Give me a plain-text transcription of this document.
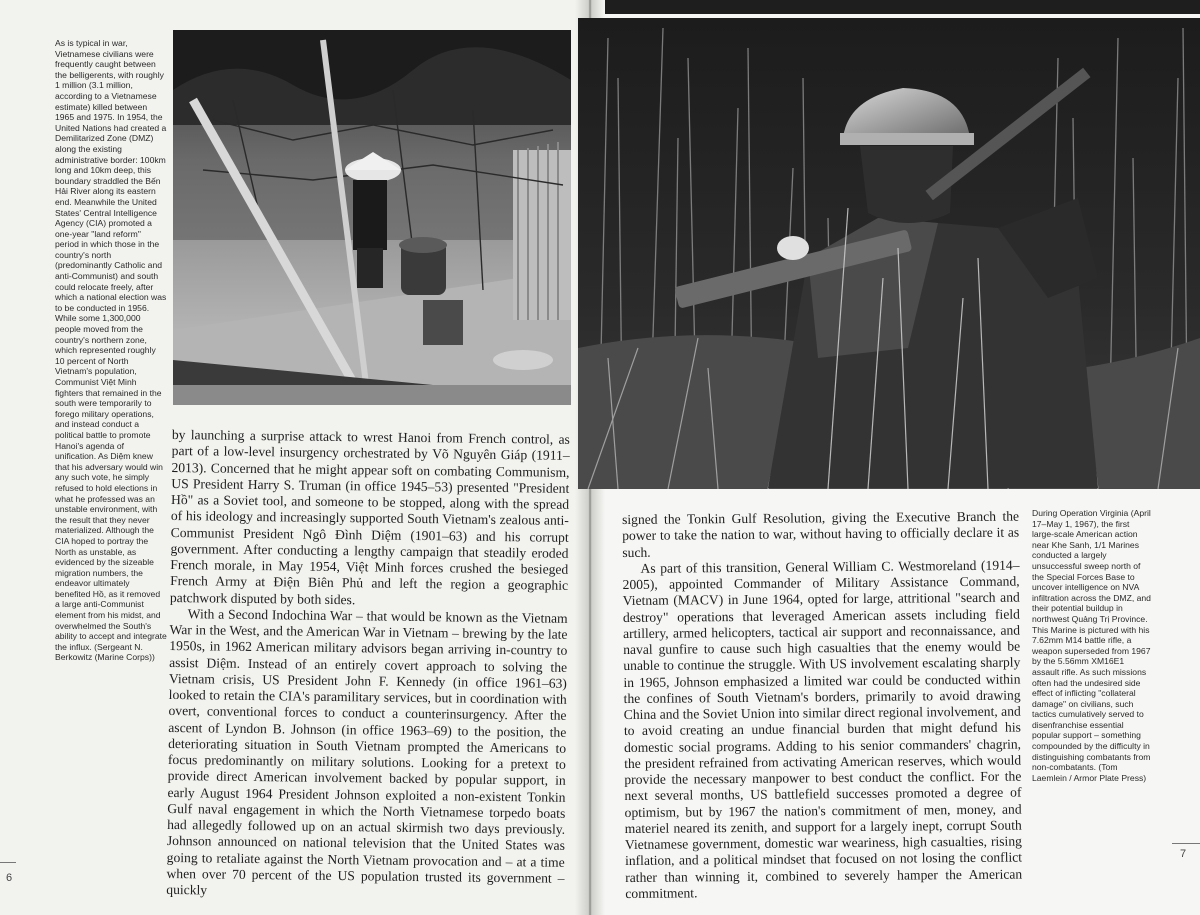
As is typical in war, Vietnamese civilians were frequently caught between the belligerents, with roughly 1 million (3.1 million, according to a Vietnamese estimate) killed between 1965 and 1975. In 1954, the United Nations had created a Demilitarized Zone (DMZ) along the existing administrative border: 100km long and 10km deep, this boundary straddled the Bến Hải River along its eastern end. Meanwhile the United States' Central Intelligence Agency (CIA) promoted a one-year "land reform" period in which those in the country's north (predominantly Catholic and anti-Communist) and south could relocate freely, after which a national election was to be conducted in 1956. While some 1,300,000 people moved from the country's northern zone, which represented roughly 10 percent of North Vietnam's population, Communist Việt Minh fighters that remained in the south were temporarily to forego military operations, and instead conduct a political battle to promote Hanoi's agenda of unification. As Diệm knew that his adversary would win any such vote, he simply refused to hold elections in what he professed was an unstable environment, with the result that they never materialized. Although the CIA hoped to portray the North as unstable, as evidenced by the sizeable migration numbers, the endeavor ultimately benefited Hồ, as it removed a large anti-Communist element from his midst, and overwhelmed the South's ability to accept and integrate the influx. (Sergeant N. Berkowitz (Marine Corps))

by launching a surprise attack to wrest Hanoi from French control, as part of a low-level insurgency orchestrated by Võ Nguyên Giáp (1911–2013). Concerned that he might appear soft on combating Communism, US President Harry S. Truman (in office 1945–53) presented "President Hồ" as a Soviet tool, and someone to be stopped, along with the spread of his ideology and increasingly supported South Vietnam's zealous anti-Communist President Ngô Đình Diệm (1901–63) and his corrupt government. After conducting a lengthy campaign that steadily eroded French morale, in May 1954, Việt Minh forces crushed the besieged French Army at Điện Biên Phủ and left the region a geographic patchwork disputed by both sides.

With a Second Indochina War – that would be known as the Vietnam War in the West, and the American War in Vietnam – brewing by the late 1950s, in 1962 American military advisors began arriving in-country to assist Diệm. Instead of an entirely covert approach to solving the Vietnam crisis, US President John F. Kennedy (in office 1961–63) looked to retain the CIA's paramilitary services, but in coordination with overt, conventional forces to conduct a counterinsurgency. After the ascent of Lyndon B. Johnson (in office 1963–69) to the position, the deteriorating situation in South Vietnam prompted the Americans to focus predominantly on military solutions. Looking for a pretext to provide direct American involvement backed by popular support, in early August 1964 President Johnson exploited a non-existent Tonkin Gulf naval engagement in which the North Vietnamese torpedo boats had allegedly followed up on an actual skirmish two days previously. Johnson announced on national television that the United States was going to retaliate against the North Vietnam provocation and – at a time when over 70 percent of the US population trusted its government – quickly

signed the Tonkin Gulf Resolution, giving the Executive Branch the power to take the nation to war, without having to officially declare it as such.

As part of this transition, General William C. Westmoreland (1914–2005), appointed Commander of Military Assistance Command, Vietnam (MACV) in June 1964, opted for large, attritional "search and destroy" operations that leveraged American assets including field artillery, armed helicopters, tactical air support and reconnaissance, and naval gunfire to cause such high casualties that the enemy would be unable to continue the struggle. With US involvement escalating sharply in 1965, Johnson emphasized a limited war could be conducted within the confines of South Vietnam's borders, primarily to avoid drawing China and the Soviet Union into similar direct regional involvement, and to avoid creating an undue financial burden that might defund his domestic social programs. Adding to his senior commanders' chagrin, the president refrained from activating American reserves, which would provide the necessary manpower to best conduct the conflict. For the next several months, US battlefield successes promoted a degree of optimism, but by 1967 the nation's commitment of men, money, and materiel neared its zenith, and support for a largely inept, corrupt South Vietnamese government, domestic war weariness, high casualties, rising inflation, and a political mindset that focused on not losing the conflict rather than winning it, combined to severely hamper the American commitment.

During Operation Virginia (April 17–May 1, 1967), the first large-scale American action near Khe Sanh, 1/1 Marines conducted a largely unsuccessful sweep north of the Special Forces Base to uncover intelligence on NVA infiltration across the DMZ, and their potential buildup in northwest Quảng Trị Province. This Marine is pictured with his 7.62mm M14 battle rifle, a weapon superseded from 1967 by the 5.56mm XM16E1 assault rifle. As such missions often had the undesired side effect of inflicting "collateral damage" on civilians, such tactics cumulatively served to disenfranchise essential popular support – something compounded by the difficulty in distinguishing combatants from non-combatants. (Tom Laemlein / Armor Plate Press)
6
7
